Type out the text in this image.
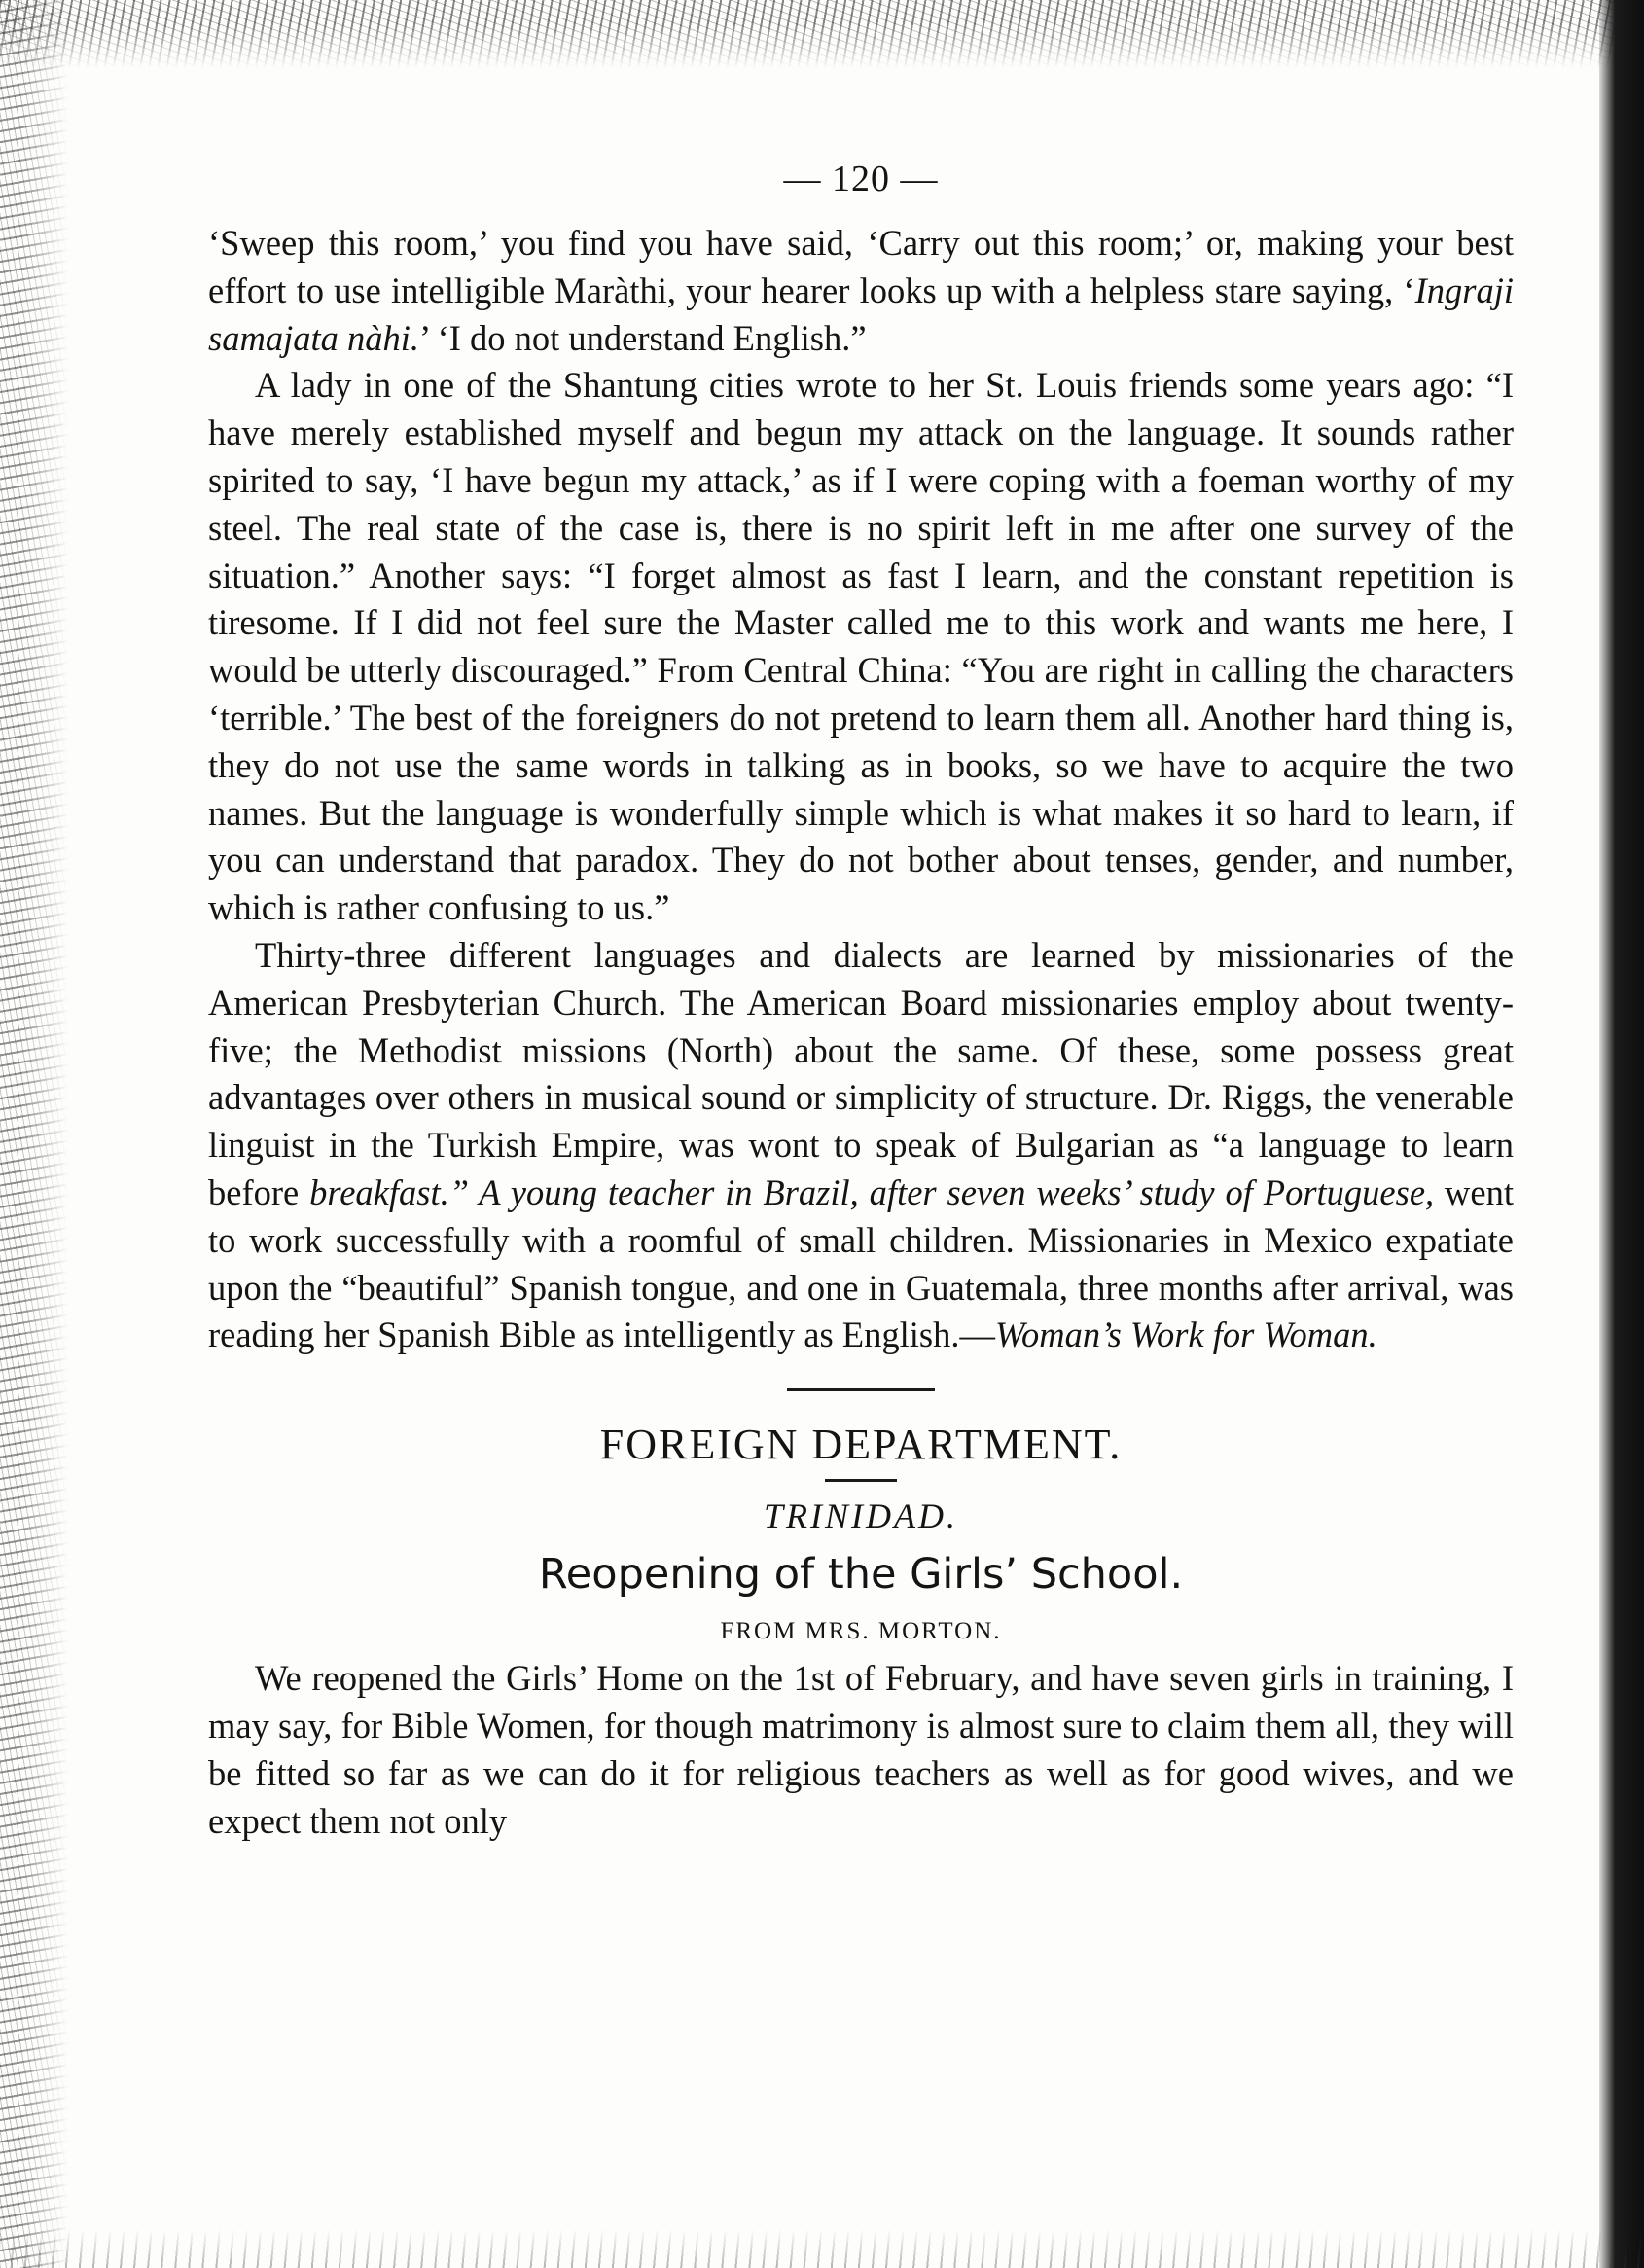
— 120 —

‘Sweep this room,’ you find you have said, ‘Carry out this room;’ or, making your best effort to use intelligible Maràthi, your hearer looks up with a helpless stare saying, ‘Ingraji samajata nàhi.’ ‘I do not understand English.”

A lady in one of the Shantung cities wrote to her St. Louis friends some years ago: “I have merely established myself and begun my attack on the language. It sounds rather spirited to say, ‘I have begun my attack,’ as if I were coping with a foeman worthy of my steel. The real state of the case is, there is no spirit left in me after one survey of the situation.” Another says: “I forget almost as fast I learn, and the constant repetition is tiresome. If I did not feel sure the Master called me to this work and wants me here, I would be utterly discouraged.” From Central China: “You are right in calling the characters ‘terrible.’ The best of the foreigners do not pretend to learn them all. Another hard thing is, they do not use the same words in talking as in books, so we have to acquire the two names. But the language is wonderfully simple which is what makes it so hard to learn, if you can understand that paradox. They do not bother about tenses, gender, and number, which is rather confusing to us.”

Thirty-three different languages and dialects are learned by missionaries of the American Presbyterian Church. The American Board missionaries employ about twenty-five; the Methodist missions (North) about the same. Of these, some possess great advantages over others in musical sound or simplicity of structure. Dr. Riggs, the venerable linguist in the Turkish Empire, was wont to speak of Bulgarian as “a language to learn before breakfast.” A young teacher in Brazil, after seven weeks’ study of Portuguese, went to work successfully with a roomful of small children. Missionaries in Mexico expatiate upon the “beautiful” Spanish tongue, and one in Guatemala, three months after arrival, was reading her Spanish Bible as intelligently as English.—Woman’s Work for Woman.

FOREIGN DEPARTMENT.
TRINIDAD.
Reopening of the Girls’ School.
FROM MRS. MORTON.

We reopened the Girls’ Home on the 1st of February, and have seven girls in training, I may say, for Bible Women, for though matrimony is almost sure to claim them all, they will be fitted so far as we can do it for religious teachers as well as for good wives, and we expect them not only
